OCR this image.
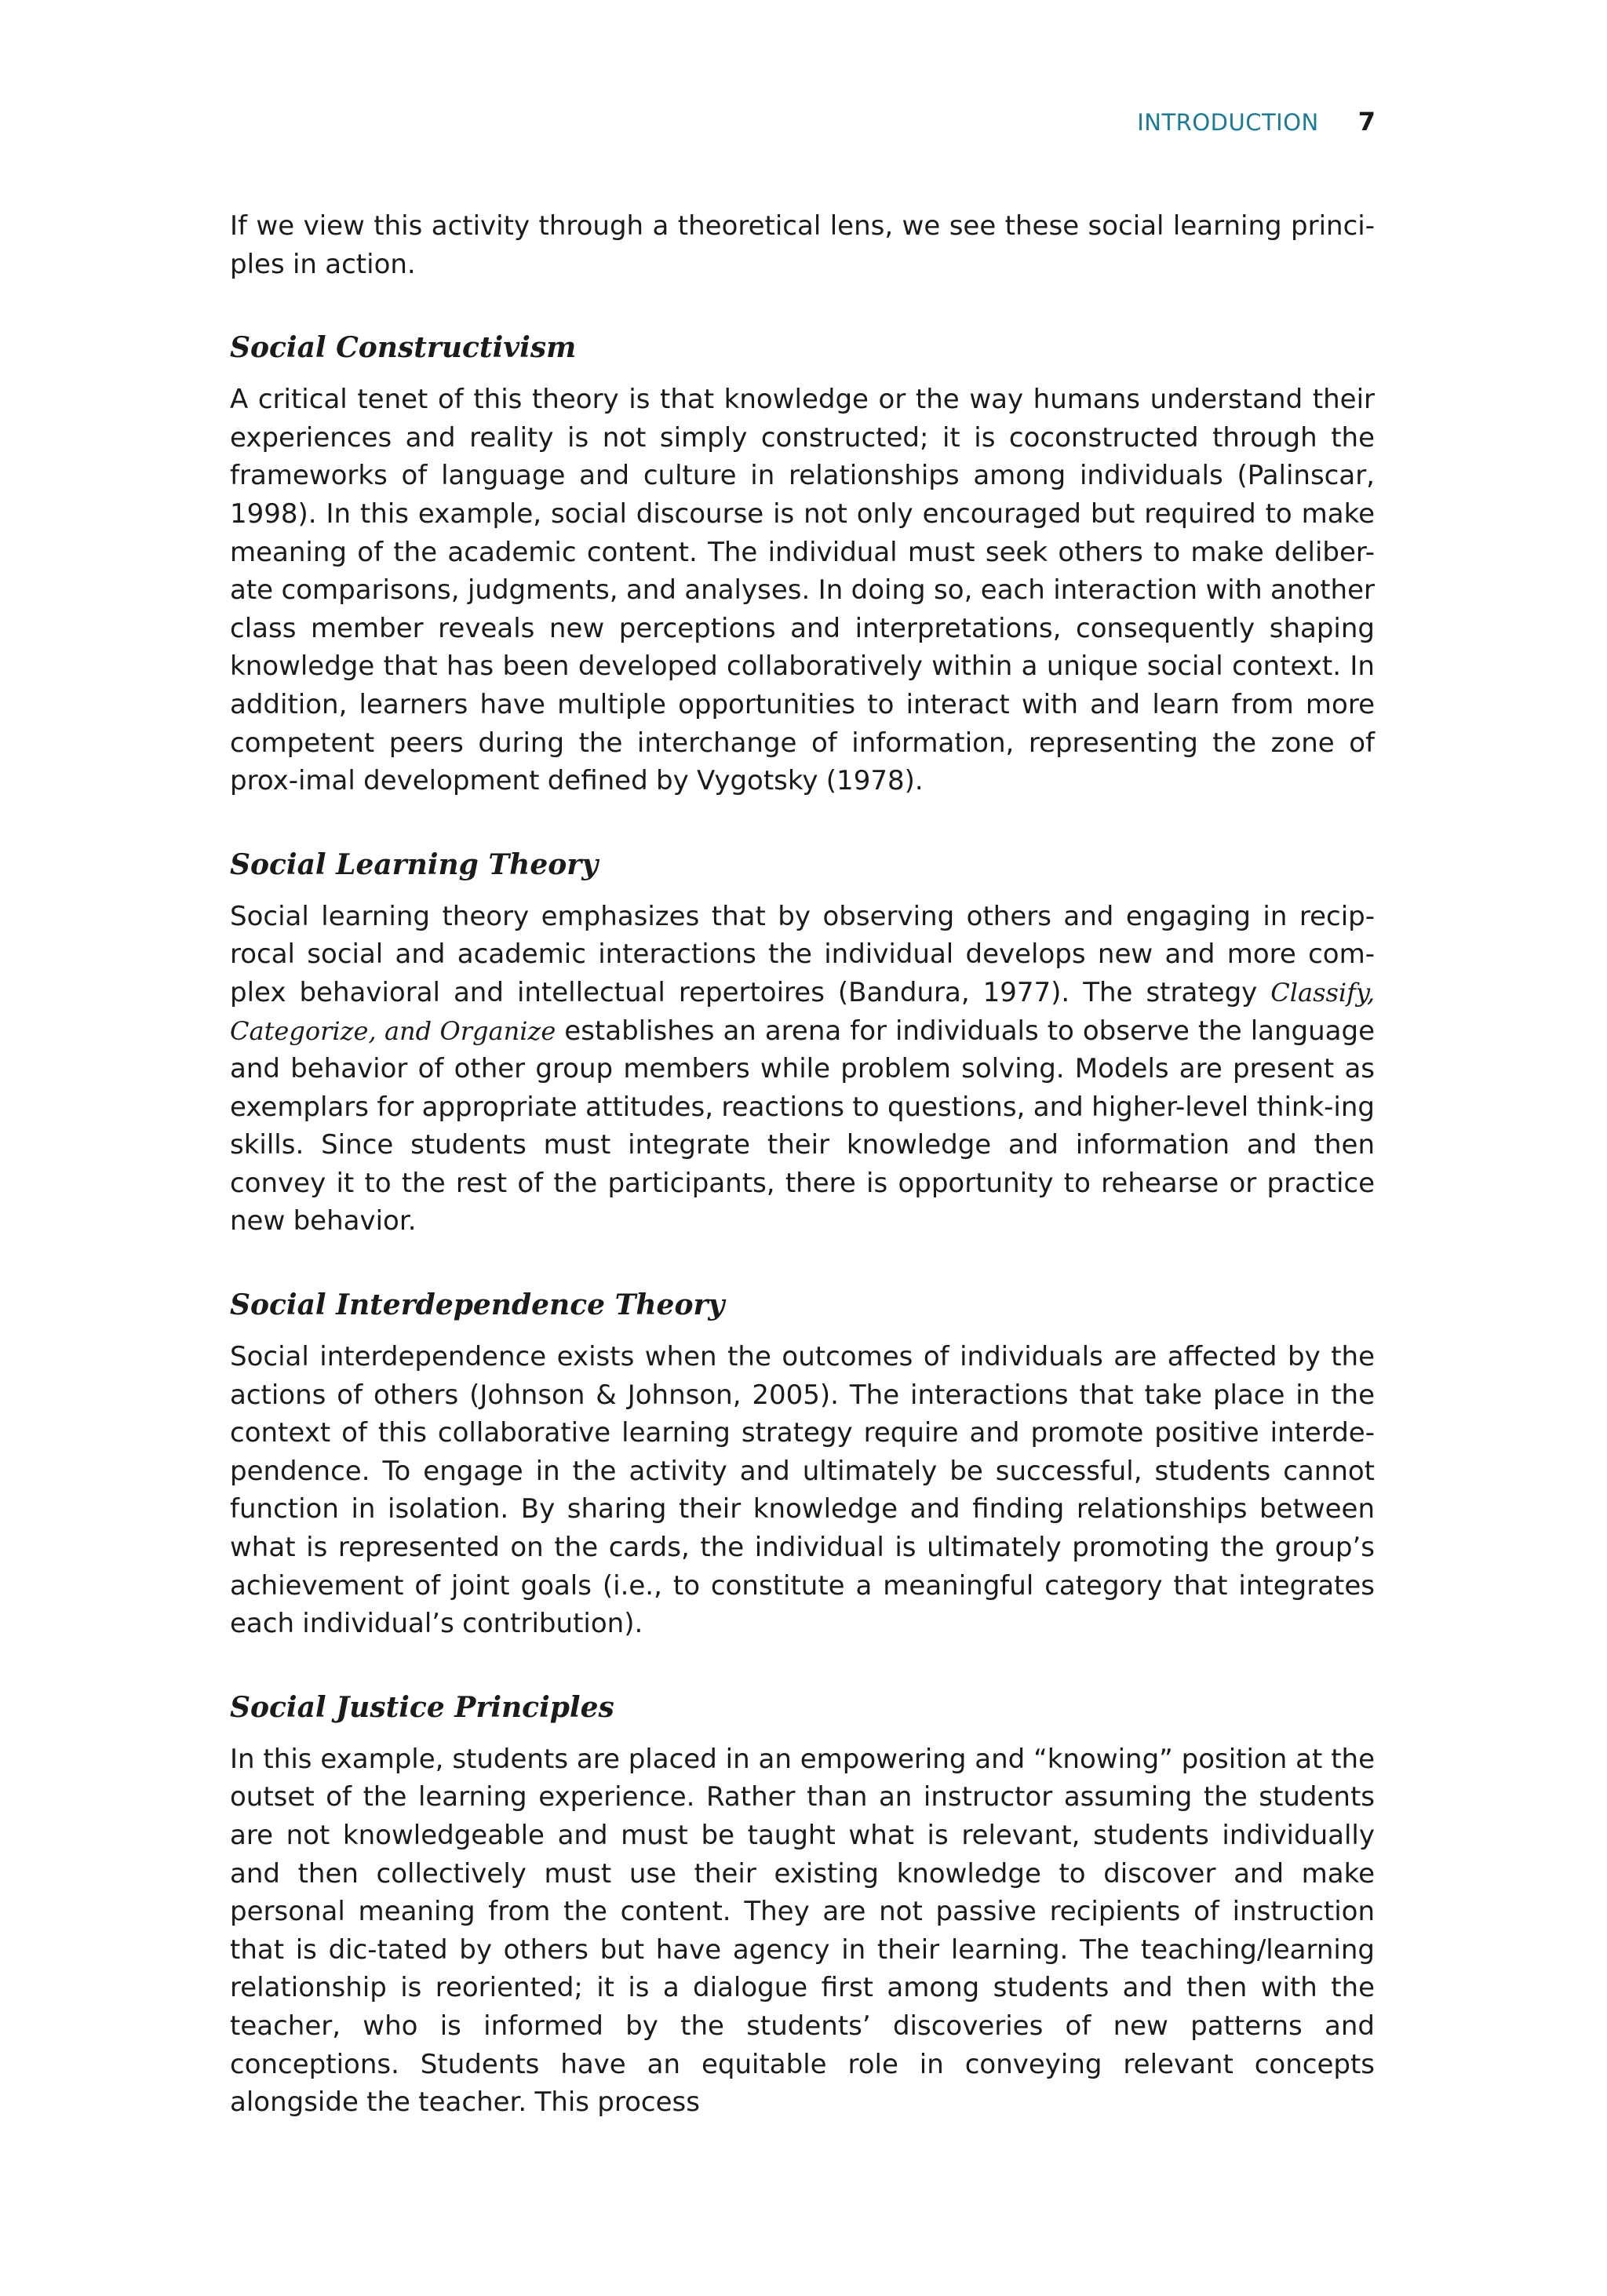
INTRODUCTION 7

If we view this activity through a theoretical lens, we see these social learning princi-ples in action.

Social Constructivism

A critical tenet of this theory is that knowledge or the way humans understand their experiences and reality is not simply constructed; it is coconstructed through the frameworks of language and culture in relationships among individuals (Palinscar, 1998). In this example, social discourse is not only encouraged but required to make meaning of the academic content. The individual must seek others to make deliber-ate comparisons, judgments, and analyses. In doing so, each interaction with another class member reveals new perceptions and interpretations, consequently shaping knowledge that has been developed collaboratively within a unique social context. In addition, learners have multiple opportunities to interact with and learn from more competent peers during the interchange of information, representing the zone of prox-imal development defined by Vygotsky (1978).

Social Learning Theory

Social learning theory emphasizes that by observing others and engaging in recip-rocal social and academic interactions the individual develops new and more com-plex behavioral and intellectual repertoires (Bandura, 1977). The strategy Classify, Categorize, and Organize establishes an arena for individuals to observe the language and behavior of other group members while problem solving. Models are present as exemplars for appropriate attitudes, reactions to questions, and higher-level think-ing skills. Since students must integrate their knowledge and information and then convey it to the rest of the participants, there is opportunity to rehearse or practice new behavior.

Social Interdependence Theory

Social interdependence exists when the outcomes of individuals are affected by the actions of others (Johnson & Johnson, 2005). The interactions that take place in the context of this collaborative learning strategy require and promote positive interde-pendence. To engage in the activity and ultimately be successful, students cannot function in isolation. By sharing their knowledge and finding relationships between what is represented on the cards, the individual is ultimately promoting the group’s achievement of joint goals (i.e., to constitute a meaningful category that integrates each individual’s contribution).

Social Justice Principles

In this example, students are placed in an empowering and “knowing” position at the outset of the learning experience. Rather than an instructor assuming the students are not knowledgeable and must be taught what is relevant, students individually and then collectively must use their existing knowledge to discover and make personal meaning from the content. They are not passive recipients of instruction that is dic-tated by others but have agency in their learning. The teaching/learning relationship is reoriented; it is a dialogue first among students and then with the teacher, who is informed by the students’ discoveries of new patterns and conceptions. Students have an equitable role in conveying relevant concepts alongside the teacher. This process
